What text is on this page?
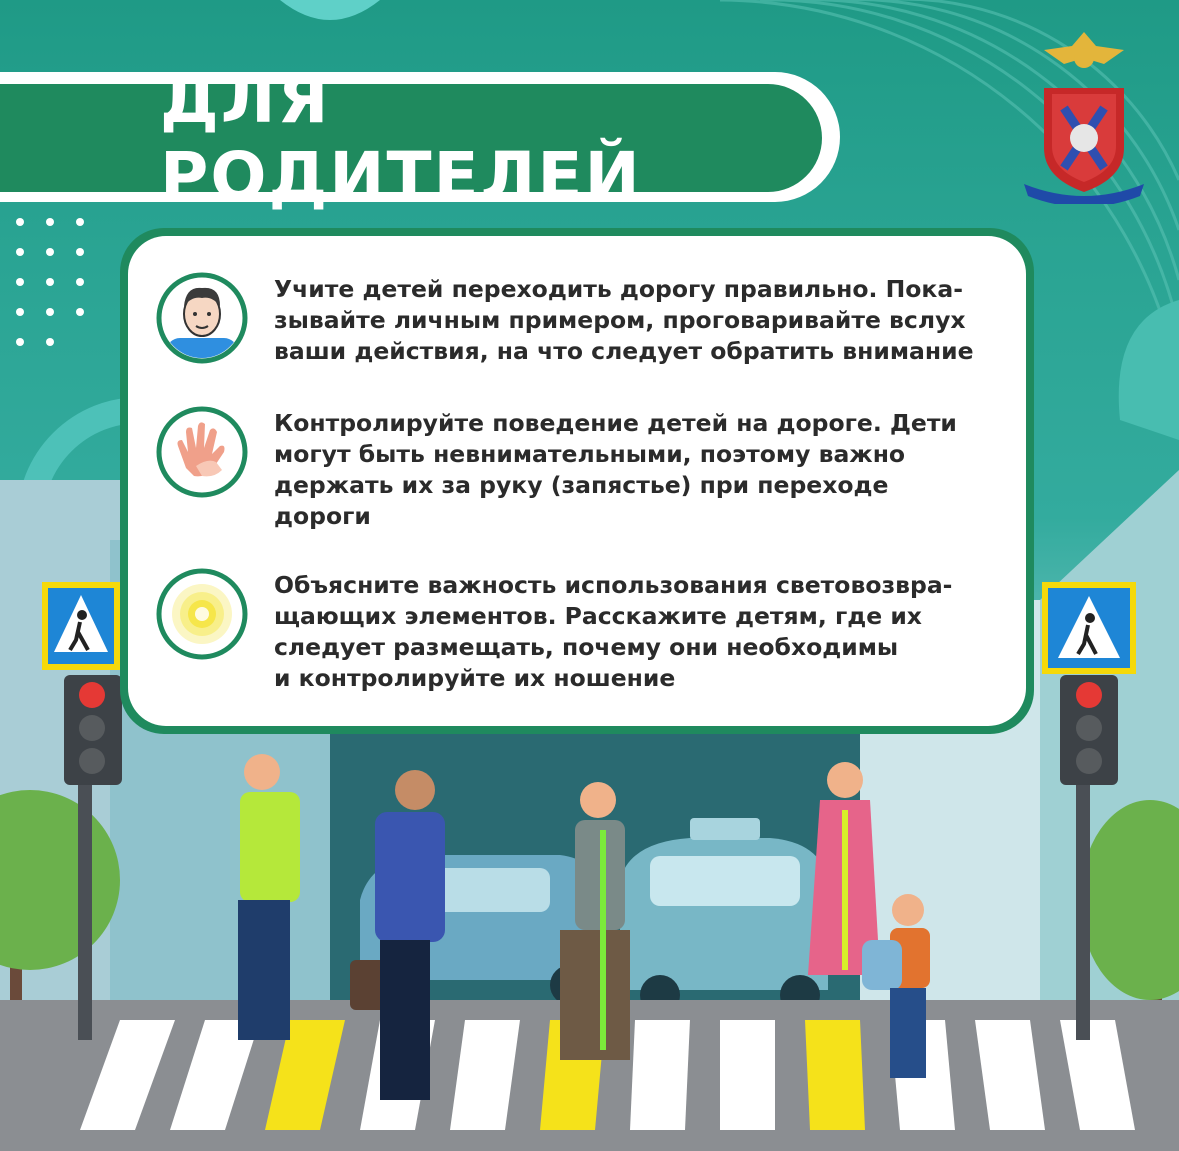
ДЛЯ РОДИТЕЛЕЙ
Учите детей переходить дорогу правильно. Пока-
зывайте личным примером, проговаривайте вслух
ваши действия, на что следует обратить внимание
Контролируйте поведение детей на дороге. Дети
могут быть невнимательными, поэтому важно
держать их за руку (запястье) при переходе
дороги
Объясните важность использования световозвра-
щающих элементов. Расскажите детям, где их
следует размещать, почему они необходимы
и контролируйте их ношение
